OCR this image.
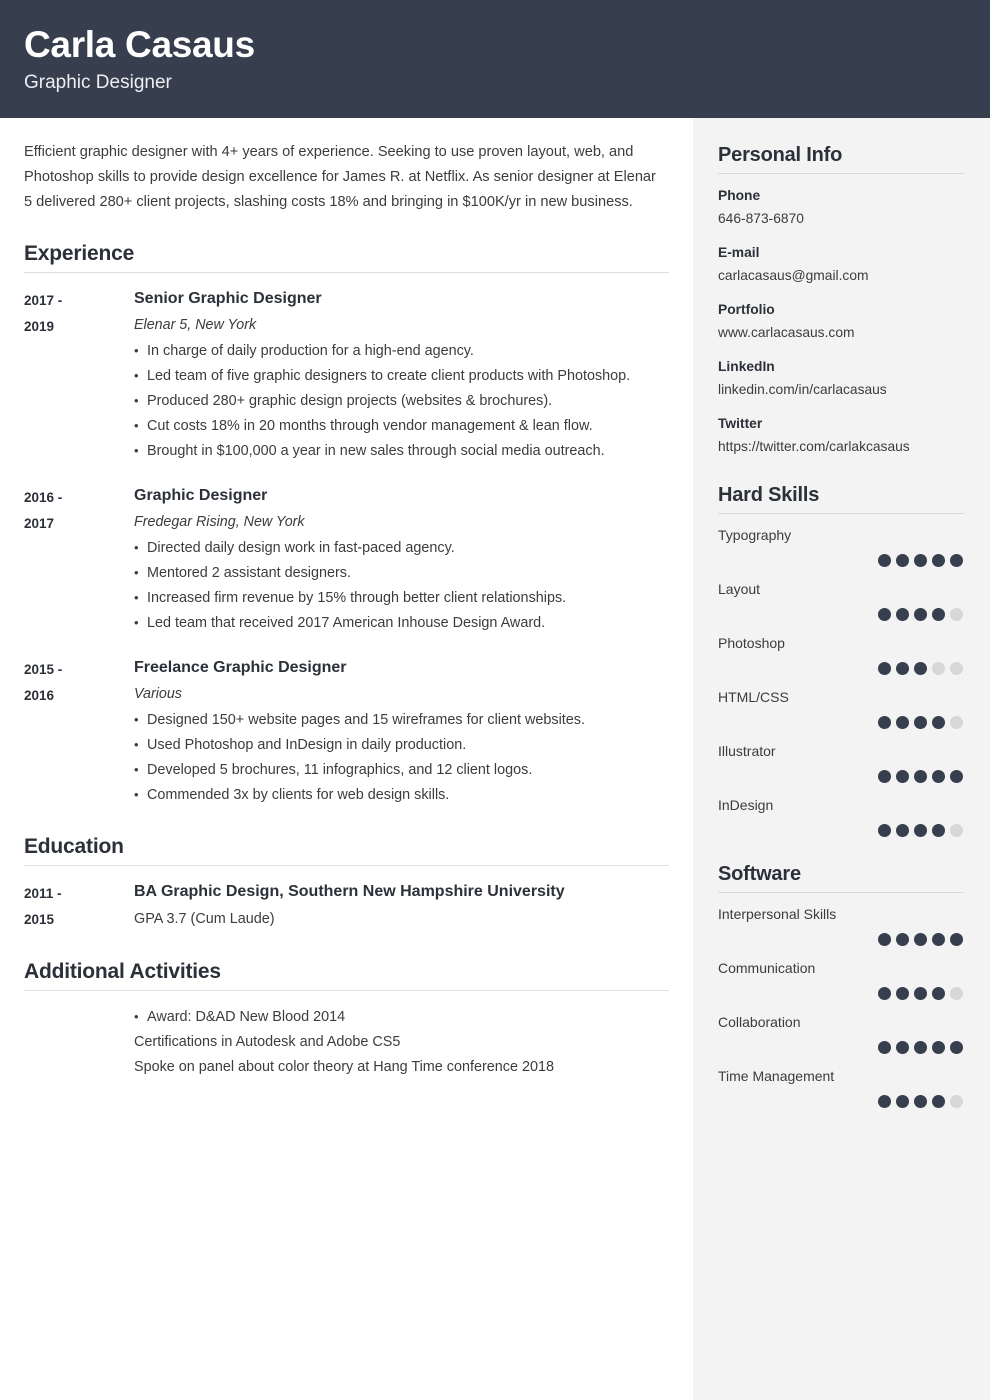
Carla Casaus
Graphic Designer
Efficient graphic designer with 4+ years of experience. Seeking to use proven layout, web, and Photoshop skills to provide design excellence for James R. at Netflix. As senior designer at Elenar 5 delivered 280+ client projects, slashing costs 18% and bringing in $100K/yr in new business.
Experience
2017 -
2019
Senior Graphic Designer
Elenar 5, New York
• In charge of daily production for a high-end agency.
• Led team of five graphic designers to create client products with Photoshop.
• Produced 280+ graphic design projects (websites & brochures).
• Cut costs 18% in 20 months through vendor management & lean flow.
• Brought in $100,000 a year in new sales through social media outreach.
2016 -
2017
Graphic Designer
Fredegar Rising, New York
• Directed daily design work in fast-paced agency.
• Mentored 2 assistant designers.
• Increased firm revenue by 15% through better client relationships.
• Led team that received 2017 American Inhouse Design Award.
2015 -
2016
Freelance Graphic Designer
Various
• Designed 150+ website pages and 15 wireframes for client websites.
• Used Photoshop and InDesign in daily production.
• Developed 5 brochures, 11 infographics, and 12 client logos.
• Commended 3x by clients for web design skills.
Education
2011 -
2015
BA Graphic Design, Southern New Hampshire University
GPA 3.7 (Cum Laude)
Additional Activities
• Award: D&AD New Blood 2014
Certifications in Autodesk and Adobe CS5
Spoke on panel about color theory at Hang Time conference 2018
Personal Info
Phone
646-873-6870
E-mail
carlacasaus@gmail.com
Portfolio
www.carlacasaus.com
LinkedIn
linkedin.com/in/carlacasaus
Twitter
https://twitter.com/carlakcasaus
Hard Skills
Typography
Layout
Photoshop
HTML/CSS
Illustrator
InDesign
Software
Interpersonal Skills
Communication
Collaboration
Time Management
